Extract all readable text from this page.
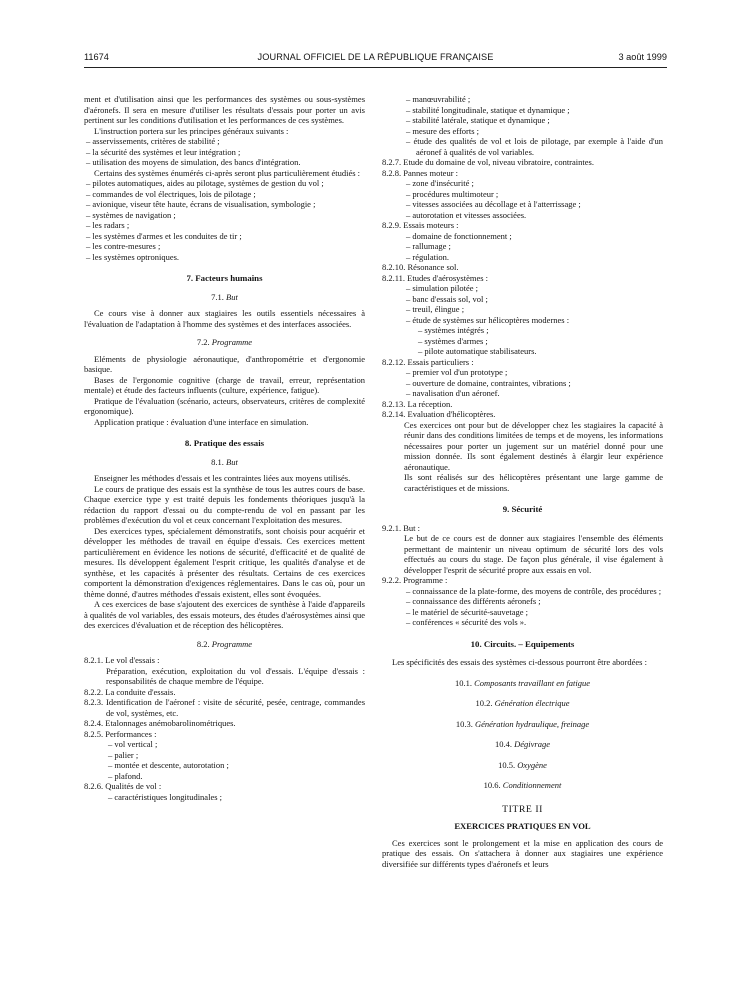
11674	JOURNAL OFFICIEL DE LA RÉPUBLIQUE FRANÇAISE	3 août 1999

ment et d'utilisation ainsi que les performances des systèmes ou sous-systèmes d'aéronefs. Il sera en mesure d'utiliser les résultats d'essais pour porter un avis pertinent sur les conditions d'utilisation et les performances de ces systèmes.

L'instruction portera sur les principes généraux suivants :

– asservissements, critères de stabilité ;

– la sécurité des systèmes et leur intégration ;

– utilisation des moyens de simulation, des bancs d'intégration.

Certains des systèmes énumérés ci-après seront plus particulièrement étudiés :

– pilotes automatiques, aides au pilotage, systèmes de gestion du vol ;

– commandes de vol électriques, lois de pilotage ;

– avionique, viseur tête haute, écrans de visualisation, symbologie ;

– systèmes de navigation ;

– les radars ;

– les systèmes d'armes et les conduites de tir ;

– les contre-mesures ;

– les systèmes optroniques.

7. Facteurs humains

7.1. But

Ce cours vise à donner aux stagiaires les outils essentiels nécessaires à l'évaluation de l'adaptation à l'homme des systèmes et des interfaces associées.

7.2. Programme

Eléments de physiologie aéronautique, d'anthropométrie et d'ergonomie basique.

Bases de l'ergonomie cognitive (charge de travail, erreur, représentation mentale) et étude des facteurs influents (culture, expérience, fatigue).

Pratique de l'évaluation (scénario, acteurs, observateurs, critères de complexité ergonomique).

Application pratique : évaluation d'une interface en simulation.

8. Pratique des essais

8.1. But

Enseigner les méthodes d'essais et les contraintes liées aux moyens utilisés.

Le cours de pratique des essais est la synthèse de tous les autres cours de base. Chaque exercice type y est traité depuis les fondements théoriques jusqu'à la rédaction du rapport d'essai ou du compte-rendu de vol en passant par les problèmes d'exécution du vol et ceux concernant l'exploitation des mesures.

Des exercices types, spécialement démonstratifs, sont choisis pour acquérir et développer les méthodes de travail en équipe d'essais. Ces exercices mettent particulièrement en évidence les notions de sécurité, d'efficacité et de qualité de mesures. Ils développent également l'esprit critique, les qualités d'analyse et de synthèse, et les capacités à présenter des résultats. Certains de ces exercices comportent la démonstration d'exigences réglementaires. Dans le cas où, pour un thème donné, d'autres méthodes d'essais existent, elles sont évoquées.

A ces exercices de base s'ajoutent des exercices de synthèse à l'aide d'appareils à qualités de vol variables, des essais moteurs, des études d'aérosystèmes ainsi que des exercices d'évaluation et de réception des hélicoptères.

8.2. Programme

8.2.1. Le vol d'essais :

Préparation, exécution, exploitation du vol d'essais. L'équipe d'essais : responsabilités de chaque membre de l'équipe.

8.2.2. La conduite d'essais.

8.2.3. Identification de l'aéronef : visite de sécurité, pesée, centrage, commandes de vol, systèmes, etc.

8.2.4. Etalonnages anémobarolinométriques.

8.2.5. Performances :

– vol vertical ;

– palier ;

– montée et descente, autorotation ;

– plafond.

8.2.6. Qualités de vol :

– caractéristiques longitudinales ;

– manœuvrabilité ;

– stabilité longitudinale, statique et dynamique ;

– stabilité latérale, statique et dynamique ;

– mesure des efforts ;

– étude des qualités de vol et lois de pilotage, par exemple à l'aide d'un aéronef à qualités de vol variables.

8.2.7. Etude du domaine de vol, niveau vibratoire, contraintes.

8.2.8. Pannes moteur :

– zone d'insécurité ;

– procédures multimoteur ;

– vitesses associées au décollage et à l'atterrissage ;

– autorotation et vitesses associées.

8.2.9. Essais moteurs :

– domaine de fonctionnement ;

– rallumage ;

– régulation.

8.2.10. Résonance sol.

8.2.11. Etudes d'aérosystèmes :

– simulation pilotée ;

– banc d'essais sol, vol ;

– treuil, élingue ;

– étude de systèmes sur hélicoptères modernes :

– systèmes intégrés ;

– systèmes d'armes ;

– pilote automatique stabilisateurs.

8.2.12. Essais particuliers :

– premier vol d'un prototype ;

– ouverture de domaine, contraintes, vibrations ;

– navalisation d'un aéronef.

8.2.13. La réception.

8.2.14. Evaluation d'hélicoptères.

Ces exercices ont pour but de développer chez les stagiaires la capacité à réunir dans des conditions limitées de temps et de moyens, les informations nécessaires pour porter un jugement sur un matériel donné pour une mission donnée. Ils sont également destinés à élargir leur expérience aéronautique.

Ils sont réalisés sur des hélicoptères présentant une large gamme de caractéristiques et de missions.

9. Sécurité

9.2.1. But :

Le but de ce cours est de donner aux stagiaires l'ensemble des éléments permettant de maintenir un niveau optimum de sécurité lors des vols effectués au cours du stage. De façon plus générale, il vise également à développer l'esprit de sécurité propre aux essais en vol.

9.2.2. Programme :

– connaissance de la plate-forme, des moyens de contrôle, des procédures ;

– connaissance des différents aéronefs ;

– le matériel de sécurité-sauvetage ;

– conférences « sécurité des vols ».

10. Circuits. – Equipements

Les spécificités des essais des systèmes ci-dessous pourront être abordées :

10.1. Composants travaillant en fatigue

10.2. Génération électrique

10.3. Génération hydraulique, freinage

10.4. Dégivrage

10.5. Oxygène

10.6. Conditionnement

TITRE II

EXERCICES PRATIQUES EN VOL

Ces exercices sont le prolongement et la mise en application des cours de pratique des essais. On s'attachera à donner aux stagiaires une expérience diversifiée sur différents types d'aéronefs et leurs
